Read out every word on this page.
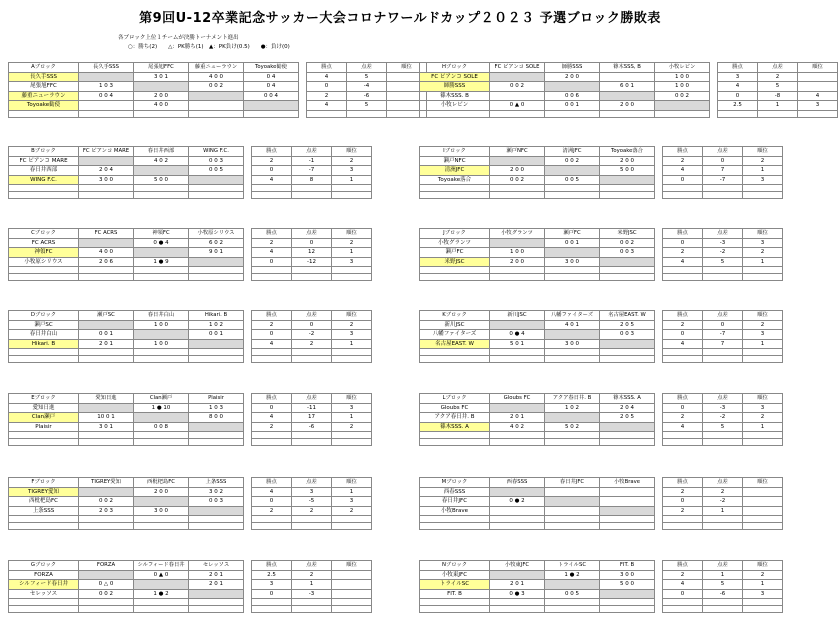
第9回U-12卒業記念サッカー大会コロナワールドカップ２０２３ 予選ブロック勝敗表
各ブロック上位１チームが決勝トーナメント進出
○：勝ち(2)　　△：PK勝ち(1)　▲：PK負け(0.5)　　●：負け(0)
Aブロック	長久手SSS	尾張旭FFC	藤重ニューラウン	Toyoake勧使		勝点	点差	順位
長久手SSS		3 0 1	4 0 0	0 4		4	5	
尾張旭FFC	1 0 3		0 0 2	0 4		0	-4	
藤重ニューラウン	0 0 4	2 0 0		0 0 4		2	-6	
Toyoake勧使		4 0 0				4	5	

Hブロック	FC ピアンコ SOLE	師勝SSS	篠木SSS, B	小牧レビン		勝点	点差	順位
FC ピアンコ SOLE		2 0 0		1 0 0		3	2	
師勝SSS	0 0 2		6 0 1	1 0 0		4	5	
篠木SSS. B		0 0 6		0 0 2		0	-8	4
小牧レビン	0 ▲ 0	0 0 1	2 0 0			2.5	1	3

Bブロック	FC ピアンコ MARE	春日井西部	WING F.C.		勝点	点差	順位
FC ピアンコ MARE		4 0 2	0 0 3		2	-1	2
春日井西部	2 0 4		0 0 5		0	-7	3
WING F.C.	3 0 0	5 0 0			4	8	1

Iブロック	瀬戸NFC	清洲JFC	Toyoake落合		勝点	点差	順位
瀬戸NFC		0 0 2	2 0 0		2	0	2
清洲JFC	2 0 0		5 0 0		4	7	1
Toyoake落合	0 0 2	0 0 5			0	-7	3

Cブロック	FC ACRS	神領FC	小牧原シリウス		勝点	点差	順位
FC ACRS		0 ● 4	6 0 2		2	0	2
神領FC	4 0 0		9 0 1		4	12	1
小牧原シリウス	2 0 6	1 ● 9			0	-12	3

Jブロック	小牧グランツ	瀬戸FC	米野JSC		勝点	点差	順位
小牧グランツ		0 0 1	0 0 2		0	-3	3
瀬戸FC	1 0 0		0 0 3		2	-2	2
米野JSC	2 0 0	3 0 0			4	5	1

Dブロック	瀬戸SC	春日井白山	Hikari. B		勝点	点差	順位
瀬戸SC		1 0 0	1 0 2		2	0	2
春日井白山	0 0 1		0 0 1		0	-2	3
Hikari. B	2 0 1	1 0 0			4	2	1

Kブロック	新川JSC	八幡ファイターズ	名古屋EAST. W		勝点	点差	順位
新川JSC		4 0 1	2 0 5		2	0	2
八幡ファイターズ	0 ● 4		0 0 3		0	-7	3
名古屋EAST. W	5 0 1	3 0 0			4	7	1

Eブロック	愛知日進	Clan瀬戸	Plaisir		勝点	点差	順位
愛知日進		1 ● 10	1 0 3		0	-11	3
Clan瀬戸	10 0 1		8 0 0		4	17	1
Plaisir	3 0 1	0 0 8			2	-6	2

Lブロック	Gloubs FC	アクア春日井. B	篠木SSS. A		勝点	点差	順位
Gloubs FC		1 0 2	2 0 4		0	-3	3
アクア春日井. B	2 0 1		2 0 5		2	-2	2
篠木SSS. A	4 0 2	5 0 2			4	5	1

Fブロック	TIGREY愛知	西枇杷島FC	上条SSS		勝点	点差	順位
TIGREY愛知		2 0 0	3 0 2		4	3	1
西枇杷島FC	0 0 2		0 0 3		0	-5	3
上条SSS	2 0 3	3 0 0			2	2	2

Mブロック	西春SSS	春日井JFC	小牧Brave		勝点	点差	順位
西春SSS					2	2	
春日井JFC	0 ● 2				0	-2	
小牧Brave					2	1	

Gブロック	FORZA	シルフィード春日井	セレッソス		勝点	点差	順位
FORZA		0 ▲ 0	2 0 1		2.5	2	
シルフィード春日井	0 △ 0		2 0 1		3	1	
セレッソス	0 0 2	1 ● 2			0	-3	

Nブロック	小牧東JFC	トライルSC	FIT. B		勝点	点差	順位
小牧東JFC		1 ● 2	3 0 0		2	1	2
トライルSC	2 0 1		5 0 0		4	5	1
FIT. B	0 ● 3	0 0 5			0	-6	3
